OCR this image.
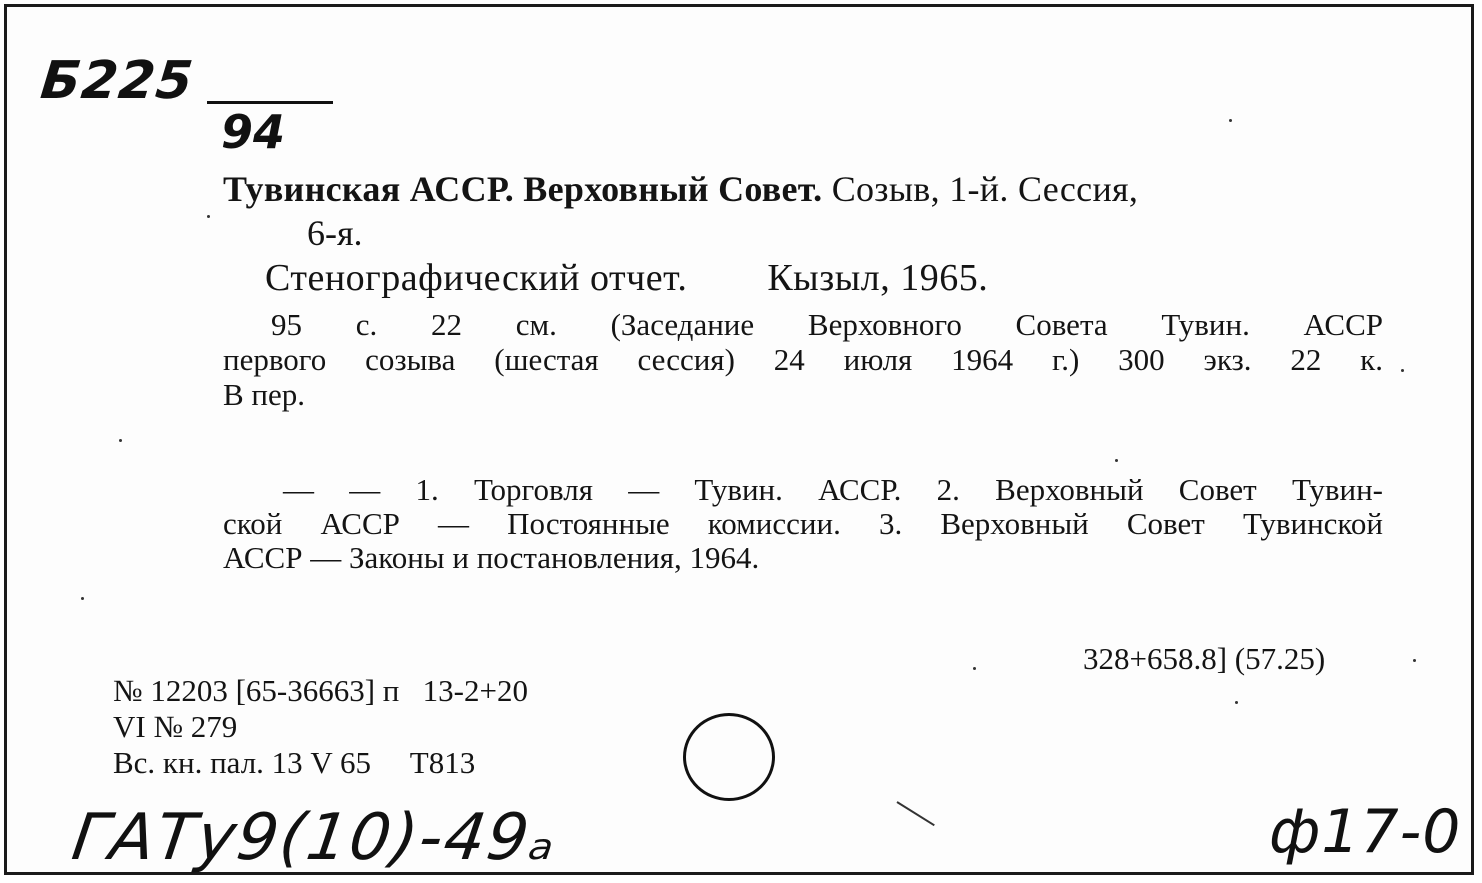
Б225
94
Тувинская АССР. Верховный Совет. Созыв, 1-й. Сессия,
6-я.
Стенографический отчет. Кызыл, 1965.
95 с. 22 см. (Заседание Верховного Совета Тувин. АССР
первого созыва (шестая сессия) 24 июля 1964 г.) 300 экз. 22 к.
В пер.
— — 1. Торговля — Тувин. АССР. 2. Верховный Совет Тувин-
ской АССР — Постоянные комиссии. 3. Верховный Совет Тувинской
АССР — Законы и постановления, 1964.
328+658.8] (57.25)
№ 12203 [65-36663] п   13-2+20
VI № 279
Вс. кн. пал. 13 V 65     Т813
ГАТу9(10)-49ₐ	ф17-0
